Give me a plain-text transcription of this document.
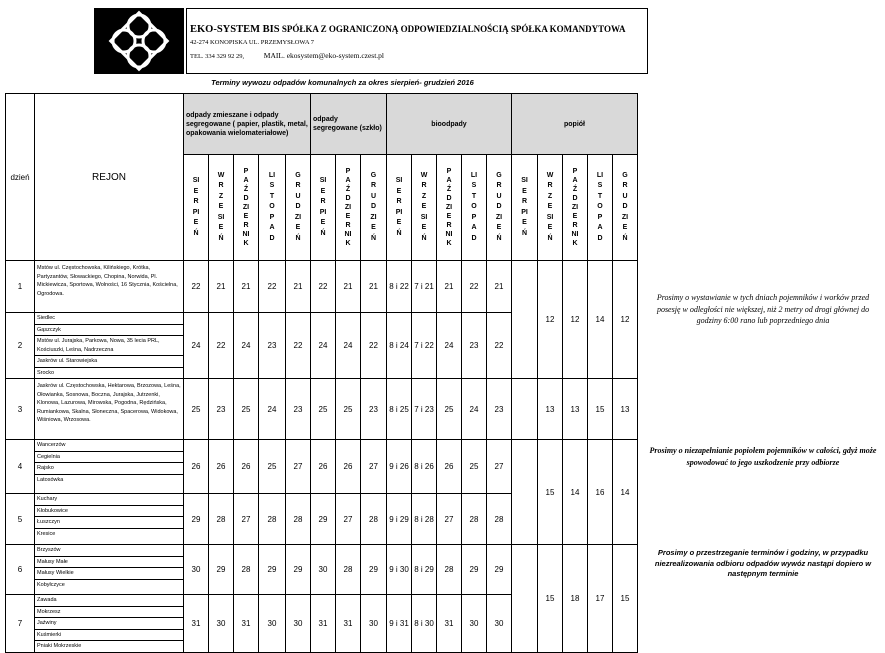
EKO-SYSTEM BIS SPÓŁKA Z OGRANICZONĄ ODPOWIEDZIALNOŚCIĄ SPÓŁKA KOMANDYTOWA
42-274 KONOPISKA UL. PRZEMYSŁOWA 7
TEL. 334 329 92 29,	MAIL. ekosystem@eko-system.czest.pl
Terminy wywozu odpadów komunalnych za okres sierpień- grudzień 2016
dzień	REJON	odpady zmieszane i odpady segregowane ( papier, plastik, metal, opakowania wielomateriałowe)					odpady segregowane (szkło)			bioodpady					popiół				

		SIERPIEŃ	WRZESIEŃ	PAŹDZIERNIK	LISTOPAD	GRUDZIEŃ	SIERPIEŃ	PAŹDZIERNIK	GRUDZIEŃ	SIERPIEŃ	WRZESIEŃ	PAŹDZIERNIK	LISTOPAD	GRUDZIEŃ	SIERPIEŃ	WRZESIEŃ	PAŹDZIERNIK	LISTOPAD	GRUDZIEŃ

1	Mstów ul. Częstochowska, Kilińskiego, Krótka, Partyzantów, Słowackiego, Chopina, Norwida, Pl. Mickiewicza, Sportowa, Wolności, 16 Stycznia, Kościelna, Ogrodowa.	22	21	21	22	21	22	21	21	8 i 22	7 i 21	21	22	21		12	12	14	12
2	Siedlec
Gąszczyk
Mstów ul. Jurajska, Parkowa, Nowa, 35 lecia PRL, Kościuszki, Leśna, Nadrzeczna
Jaskrów ul. Starowiejska
Srocko	24	22	24	23	22	24	24	22	8 i 24	7 i 22	24	23	22					
3	Jaskrów ul. Częstochowska, Hektarowa, Brzozowa, Leśna, Ołowianka, Sosnowa, Boczna, Jurajska, Jutrzenki, Klonowa, Lazurowa, Mirowska, Pogodna, Rędzińska, Rumiankowa, Skalna, Słoneczna, Spacerowa, Widokowa, Wiśniowa, Wrzosowa.	25	23	25	24	23	25	25	23	8 i 25	7 i 23	25	24	23		13	13	15	13
4	Wancerzów
Cegielnia
Rajsko
Latosówka	26	26	26	25	27	26	26	27	9 i 26	8 i 26	26	25	27		15	14	16	14
5	Kuchary
Kłobukowice
Łuszczyn
Kresice	29	28	27	28	28	29	27	28	9 i 29	8 i 28	27	28	28					
6	Brzyszów
Małusy Małe
Małusy Wielkie
Kobyłczyce	30	29	28	29	29	30	28	29	9 i 30	8 i 29	28	29	29		15	18	17	15
7	Zawada
Mokrzesz
Jaźwiny
Kuśmierki
Pniaki Mokrzeskie	31	30	31	30	30	31	31	30	9 i 31	8 i 30	31	30	30					
Prosimy o wystawianie w tych dniach pojemników i worków przed posesję w odległości nie większej, niż 2 metry od drogi głównej do godziny 6:00 rano lub poprzedniego dnia
Prosimy o niezapełnianie popiołem pojemników w całości, gdyż może spowodować to jego uszkodzenie przy odbiorze
Prosimy o przestrzeganie terminów i godziny, w przypadku niezrealizowania odbioru odpadów wywóz nastąpi dopiero w następnym terminie
